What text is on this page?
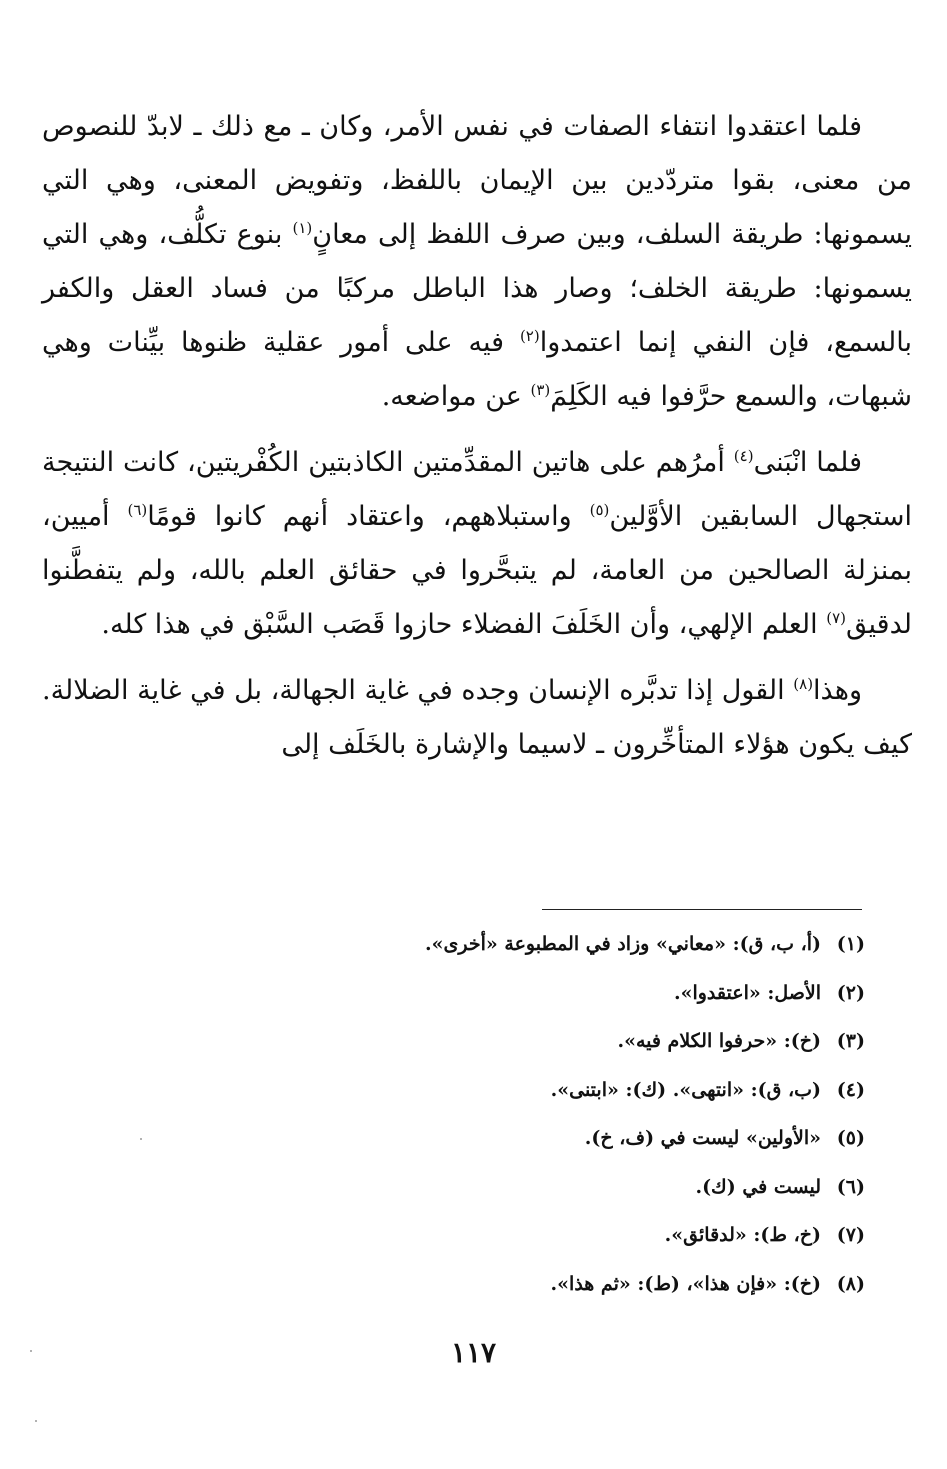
فلما اعتقدوا انتفاء الصفات في نفس الأمر، وكان ـ مع ذلك ـ لابدّ للنصوص من معنى، بقوا متردّدين بين الإيمان باللفظ، وتفويض المعنى، وهي التي يسمونها: طريقة السلف، وبين صرف اللفظ إلى معانٍ$^{(١)}$ بنوع تكلُّف، وهي التي يسمونها: طريقة الخلف؛ وصار هذا الباطل مركبًا من فساد العقل والكفر بالسمع، فإن النفي إنما اعتمدوا$^{(٢)}$ فيه على أمور عقلية ظنوها بيِّنات وهي شبهات، والسمع حرَّفوا فيه الكَلِمَ$^{(٣)}$ عن مواضعه.

فلما انْبَنى$^{(٤)}$ أمرُهم على هاتين المقدِّمتين الكاذبتين الكُفْريتين، كانت النتيجة استجهال السابقين الأوَّلين$^{(٥)}$ واستبلاههم، واعتقاد أنهم كانوا قومًا$^{(٦)}$ أميين، بمنزلة الصالحين من العامة، لم يتبحَّروا في حقائق العلم بالله، ولم يتفطَّنوا لدقيق$^{(٧)}$ العلم الإلهي، وأن الخَلَفَ الفضلاء حازوا قَصَب السَّبْق في هذا كله.

وهذا$^{(٨)}$ القول إذا تدبَّره الإنسان وجده في غاية الجهالة، بل في غاية الضلالة. كيف يكون هؤلاء المتأخِّرون ـ لاسيما والإشارة بالخَلَف إلى

(١)
(أ، ب، ق): «معاني» وزاد في المطبوعة «أخرى».
(٢)
الأصل: «اعتقدوا».
(٣)
(خ): «حرفوا الكلام فيه».
(٤)
(ب، ق): «انتهى». (ك): «ابتنى».
(٥)
«الأولين» ليست في (ف، خ).
(٦)
ليست في (ك).
(٧)
(خ، ط): «لدقائق».
(٨)
(خ): «فإن هذا»، (ط): «ثم هذا».
١١٧
